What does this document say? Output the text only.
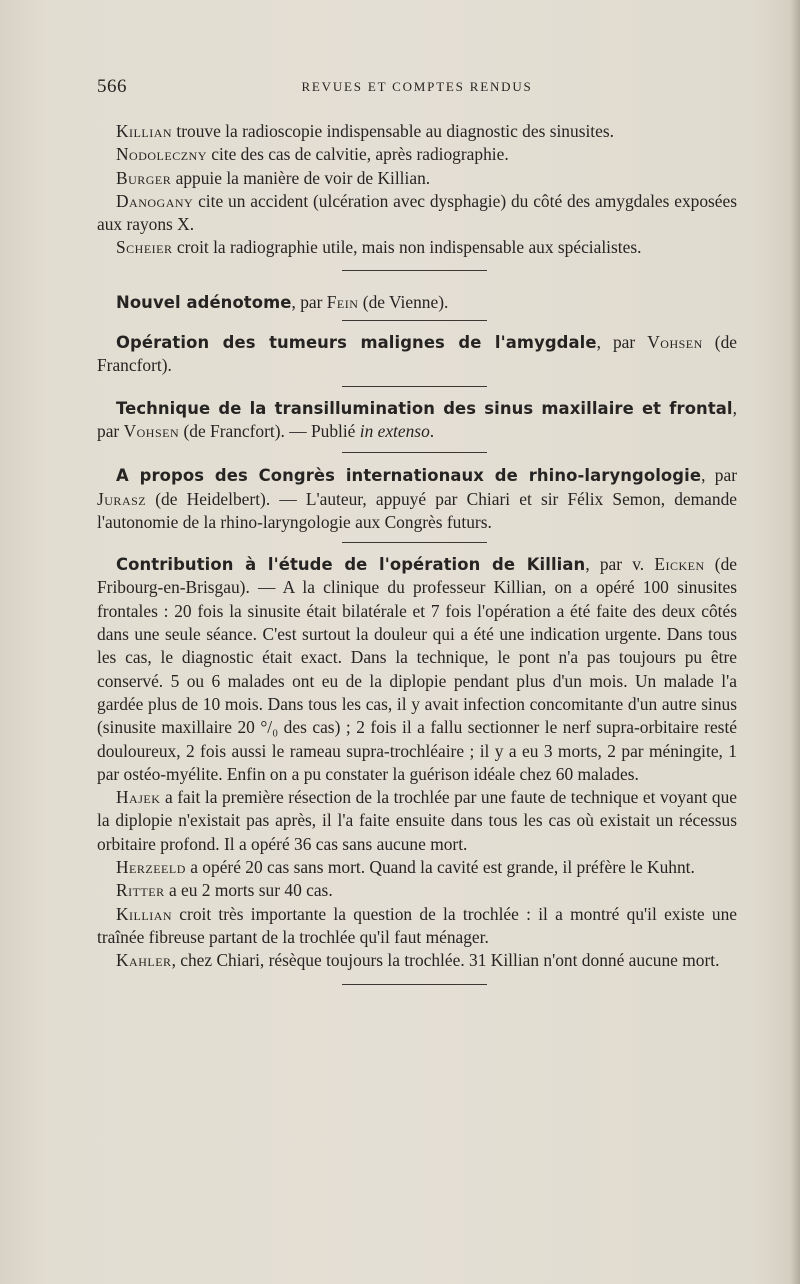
566	REVUES ET COMPTES RENDUS

Killian trouve la radioscopie indispensable au diagnostic des sinusites.

Nodoleczny cite des cas de calvitie, après radiographie.

Burger appuie la manière de voir de Killian.

Danogany cite un accident (ulcération avec dysphagie) du côté des amygdales exposées aux rayons X.

Scheier croit la radiographie utile, mais non indispensable aux spécialistes.

Nouvel adénotome, par Fein (de Vienne).

Opération des tumeurs malignes de l'amygdale, par Vohsen (de Francfort).

Technique de la transillumination des sinus maxillaire et frontal, par Vohsen (de Francfort). — Publié in extenso.

A propos des Congrès internationaux de rhino-laryngologie, par Jurasz (de Heidelbert). — L'auteur, appuyé par Chiari et sir Félix Semon, demande l'autonomie de la rhino-laryngologie aux Congrès futurs.

Contribution à l'étude de l'opération de Killian, par v. Eicken (de Fribourg-en-Brisgau). — A la clinique du professeur Killian, on a opéré 100 sinusites frontales : 20 fois la sinusite était bilatérale et 7 fois l'opération a été faite des deux côtés dans une seule séance. C'est surtout la douleur qui a été une indication urgente. Dans tous les cas, le diagnostic était exact. Dans la technique, le pont n'a pas toujours pu être conservé. 5 ou 6 malades ont eu de la diplopie pendant plus d'un mois. Un malade l'a gardée plus de 10 mois. Dans tous les cas, il y avait infection concomitante d'un autre sinus (sinusite maxillaire 20 °/₀ des cas) ; 2 fois il a fallu sectionner le nerf supra-orbitaire resté douloureux, 2 fois aussi le rameau supra-trochléaire ; il y a eu 3 morts, 2 par méningite, 1 par ostéo-myélite. Enfin on a pu constater la guérison idéale chez 60 malades.

Hajek a fait la première résection de la trochlée par une faute de technique et voyant que la diplopie n'existait pas après, il l'a faite ensuite dans tous les cas où existait un récessus orbitaire profond. Il a opéré 36 cas sans aucune mort.

Herzeeld a opéré 20 cas sans mort. Quand la cavité est grande, il préfère le Kuhnt.

Ritter a eu 2 morts sur 40 cas.

Killian croit très importante la question de la trochlée : il a montré qu'il existe une traînée fibreuse partant de la trochlée qu'il faut ménager.

Kahler, chez Chiari, résèque toujours la trochlée. 31 Killian n'ont donné aucune mort.
